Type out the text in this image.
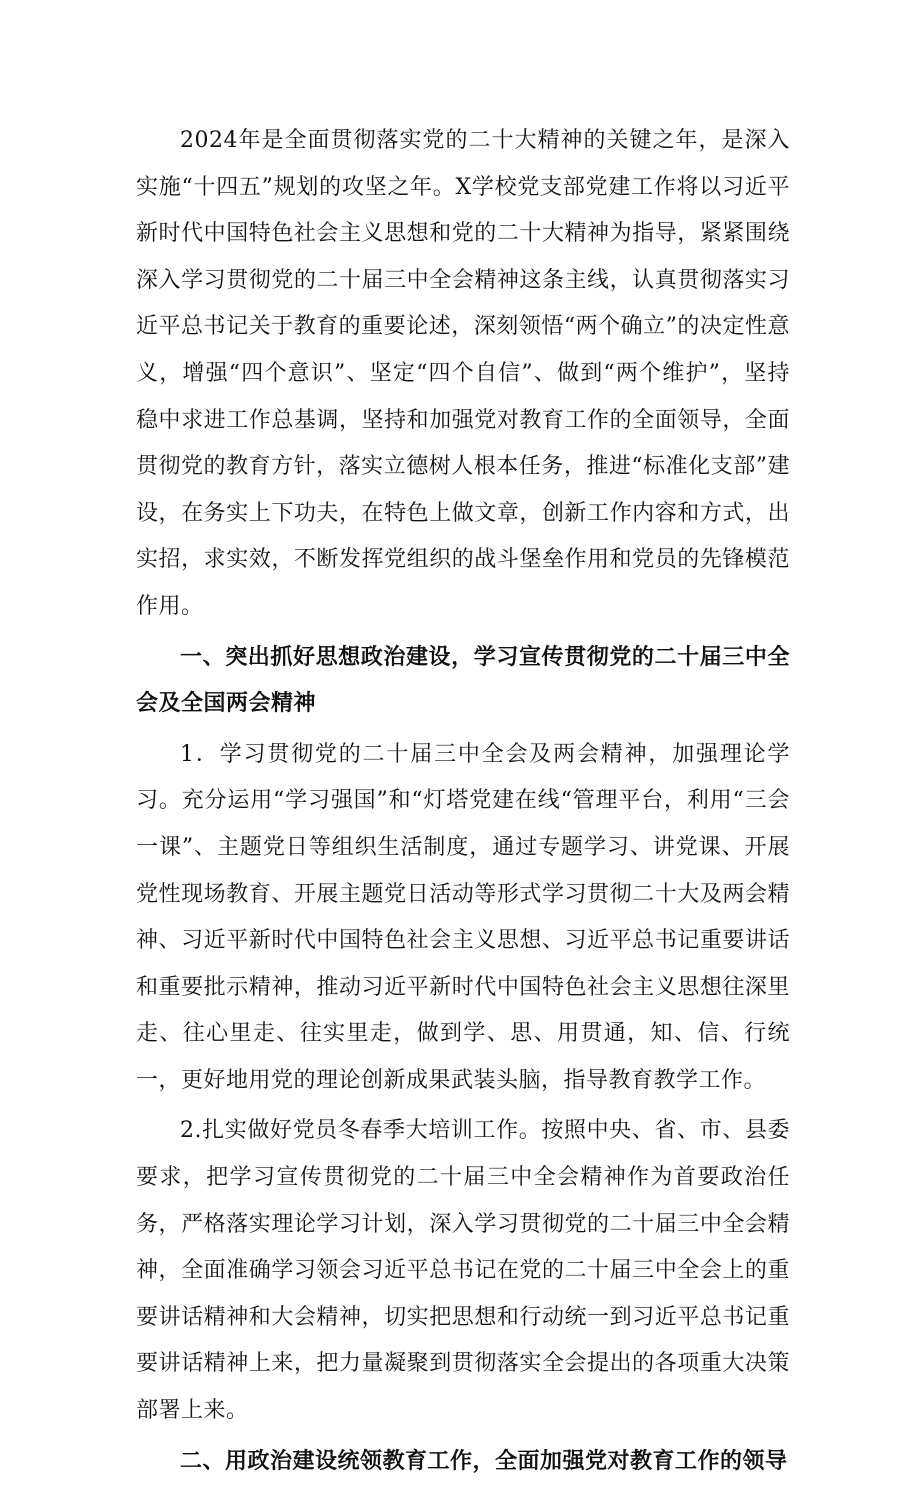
2024年是全面贯彻落实党的二十大精神的关键之年，是深入实施“十四五”规划的攻坚之年。X学校党支部党建工作将以习近平新时代中国特色社会主义思想和党的二十大精神为指导，紧紧围绕深入学习贯彻党的二十届三中全会精神这条主线，认真贯彻落实习近平总书记关于教育的重要论述，深刻领悟“两个确立”的决定性意义，增强“四个意识”、坚定“四个自信”、做到“两个维护”，坚持稳中求进工作总基调，坚持和加强党对教育工作的全面领导，全面贯彻党的教育方针，落实立德树人根本任务，推进“标准化支部”建设，在务实上下功夫，在特色上做文章，创新工作内容和方式，出实招，求实效，不断发挥党组织的战斗堡垒作用和党员的先锋模范作用。

一、突出抓好思想政治建设，学习宣传贯彻党的二十届三中全会及全国两会精神

1．学习贯彻党的二十届三中全会及两会精神，加强理论学习。充分运用“学习强国”和“灯塔党建在线“管理平台，利用“三会一课”、主题党日等组织生活制度，通过专题学习、讲党课、开展党性现场教育、开展主题党日活动等形式学习贯彻二十大及两会精神、习近平新时代中国特色社会主义思想、习近平总书记重要讲话和重要批示精神，推动习近平新时代中国特色社会主义思想往深里走、往心里走、往实里走，做到学、思、用贯通，知、信、行统一，更好地用党的理论创新成果武装头脑，指导教育教学工作。

2.扎实做好党员冬春季大培训工作。按照中央、省、市、县委要求，把学习宣传贯彻党的二十届三中全会精神作为首要政治任务，严格落实理论学习计划，深入学习贯彻党的二十届三中全会精神，全面准确学习领会习近平总书记在党的二十届三中全会上的重要讲话精神和大会精神，切实把思想和行动统一到习近平总书记重要讲话精神上来，把力量凝聚到贯彻落实全会提出的各项重大决策部署上来。

二、用政治建设统领教育工作，全面加强党对教育工作的领导
